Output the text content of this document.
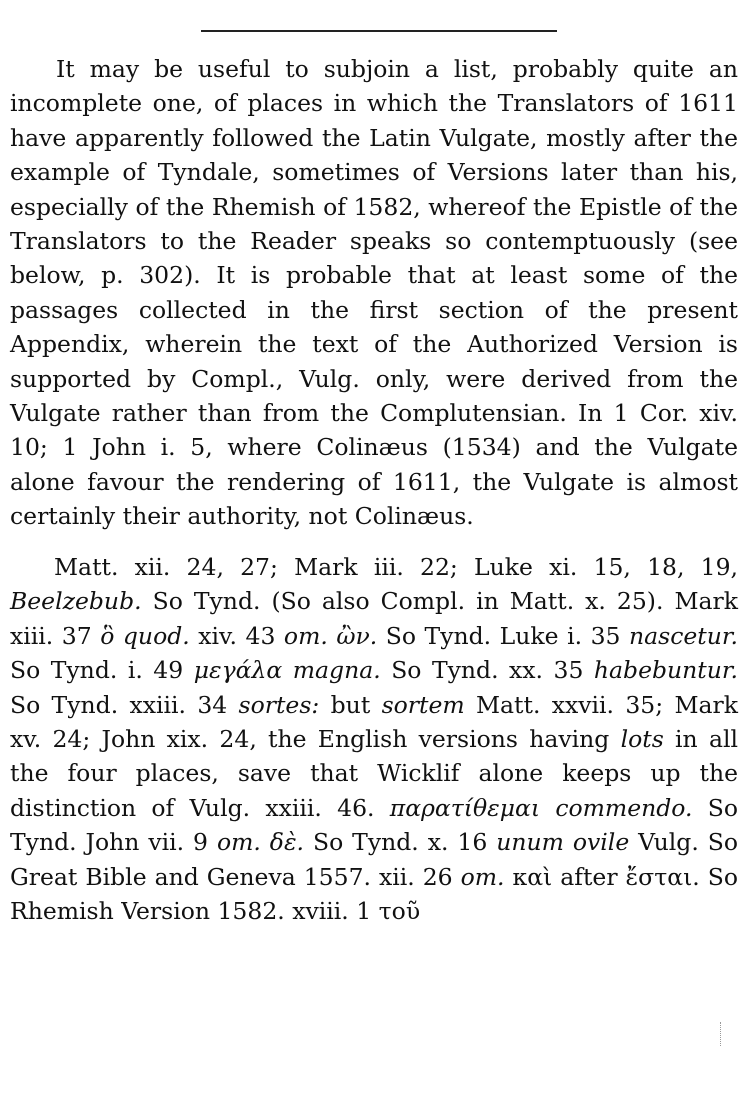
It may be useful to subjoin a list, probably quite an incomplete one, of places in which the Translators of 1611 have apparently followed the Latin Vulgate, mostly after the example of Tyndale, sometimes of Versions later than his, especially of the Rhemish of 1582, whereof the Epistle of the Translators to the Reader speaks so contemptuously (see below, p. 302). It is probable that at least some of the passages collected in the first section of the present Appendix, wherein the text of the Authorized Version is supported by Compl., Vulg. only, were derived from the Vulgate rather than from the Complutensian. In 1 Cor. xiv. 10; 1 John i. 5, where Colinæus (1534) and the Vulgate alone favour the rendering of 1611, the Vulgate is almost certainly their authority, not Colinæus.

Matt. xii. 24, 27; Mark iii. 22; Luke xi. 15, 18, 19, Beelzebub. So Tynd. (So also Compl. in Matt. x. 25). Mark xiii. 37 ὃ quod. xiv. 43 om. ὢν. So Tynd. Luke i. 35 nascetur. So Tynd. i. 49 μεγάλα magna. So Tynd. xx. 35 habebuntur. So Tynd. xxiii. 34 sortes: but sortem Matt. xxvii. 35; Mark xv. 24; John xix. 24, the English versions having lots in all the four places, save that Wicklif alone keeps up the distinction of Vulg. xxiii. 46. παρατίθεμαι commendo. So Tynd. John vii. 9 om. δὲ. So Tynd. x. 16 unum ovile Vulg. So Great Bible and Geneva 1557. xii. 26 om. καὶ after ἔσται. So Rhemish Version 1582. xviii. 1 τοῦ
